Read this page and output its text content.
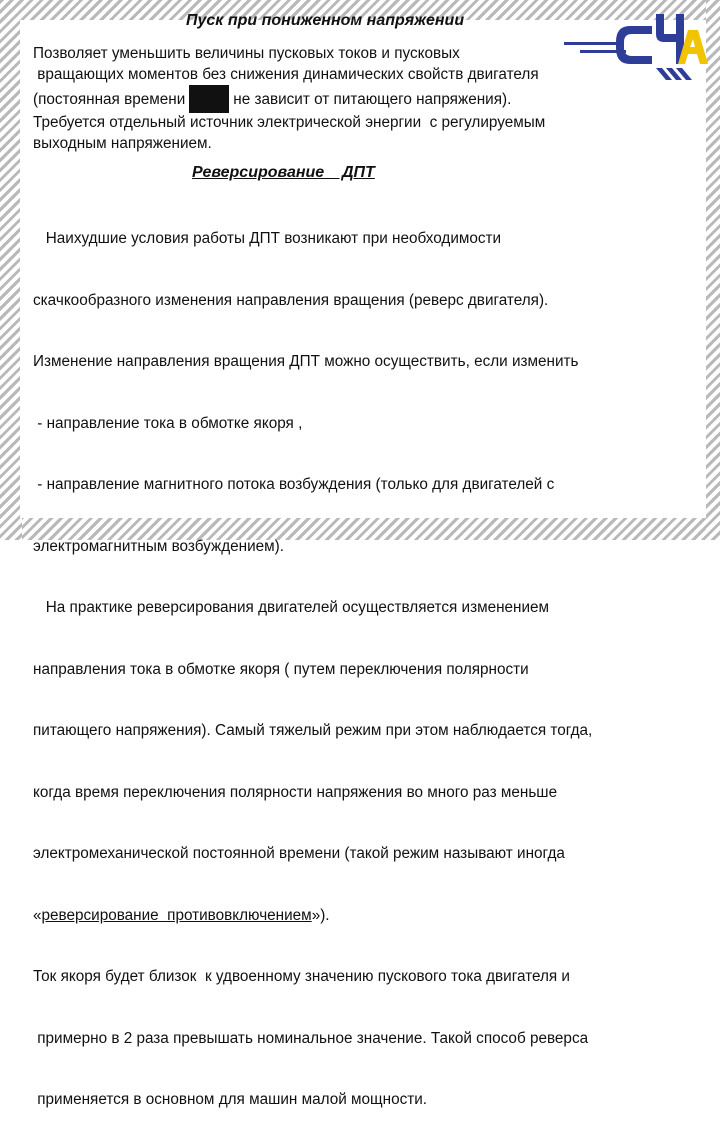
Пуск при пониженном напряжении
ЦЧА

Позволяет уменьшить величины пусковых токов и пусковых
вращающих моментов без снижения динамических свойств двигателя
(постоянная времени	не зависит от питающего напряжения).
Требуется отдельный источник электрической энергии  с регулируемым
выходным напряжением.

Реверсирование    ДПТ

Наихудшие условия работы ДПТ возникают при необходимости

скачкообразного изменения направления вращения (реверс двигателя).

Изменение направления вращения ДПТ можно осуществить, если изменить

- направление тока в обмотке якоря ,

- направление магнитного потока возбуждения (только для двигателей с

электромагнитным возбуждением).

На практике реверсирования двигателей осуществляется изменением

направления тока в обмотке якоря ( путем переключения полярности

питающего напряжения). Самый тяжелый режим при этом наблюдается тогда,

когда время переключения полярности напряжения во много раз меньше

электромеханической постоянной времени (такой режим называют иногда

«реверсирование  противовключением»).

Ток якоря будет близок  к удвоенному значению пускового тока двигателя и

примерно в 2 раза превышать номинальное значение. Такой способ реверса

применяется в основном для машин малой мощности.
